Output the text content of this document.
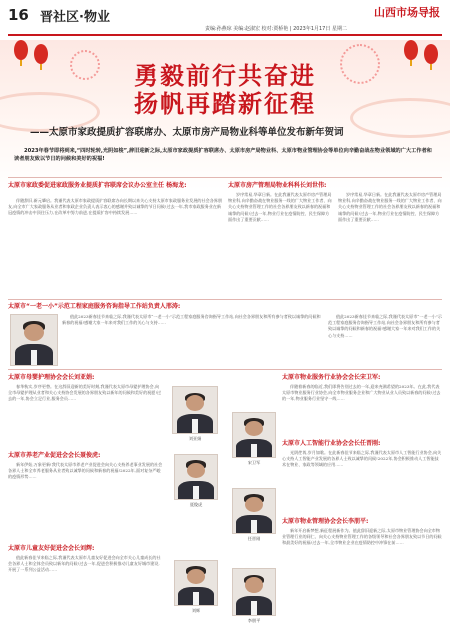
16 晋社区·物业	山西市场导报
责编:孙燕琼 美编:赵淑宏 校对:贾桥艳 | 2023年1月17日 星期二
勇毅前行共奋进
扬帆再踏新征程
——太原市家政提质扩容联席办、太原市房产局物业科等单位发布新年贺词
2023年春节即将到来,“四时轮转,光阴如梭”,辞旧迎新之际,太原市家政提质扩容联席办、太原市房产局物业科、太原市物业管理协会等单位向辛勤奋战在物业领域的广大工作者和读者朋友致以节日的问候和美好的祝福!
太原市家政委促进家政服务业提质扩容联席会议办公室主任 杨海龙:
伴随辞旧,新元肇启。我谨代表太原市家政提质扩容联席办向长期以来关心支持太原市家政服务业发展的社会各界朋友,向全市广大家政服务从业者和家政企业负责人表示衷心的感谢并致以诚挚的节日问候!过去一年,我市家政服务业在新冠疫情的冲击中顶住压力,在改革中努力前进,在提质扩容中持续发展……
太原市房产管理局物业科科长刘世伟:
岁序常易,华章日新。在此我谨代表太原市房产管理局物业科,向辛勤奋战在物业服务一线的广大物业工作者、向关心支持物业管理工作的社会各界朋友致以新春的祝福和诚挚的问候!过去一年,物业行业在疫情防控、民生保障方面作出了重要贡献……
岁序常易,华章日新。在此我谨代表太原市房产管理局物业科,向辛勤奋战在物业服务一线的广大物业工作者、向关心支持物业管理工作的社会各界朋友致以新春的祝福和诚挚的问候!过去一年,物业行业在疫情防控、民生保障方面作出了重要贡献……
太原市“一老一小”示范工程家庭服务咨询指导工作站负责人邢涛:
值此2023新春佳节来临之际,我谨代表太原市“一老一小”示范工程家庭服务咨询指导工作站,向社会各界朋友和所有参与者致以诚挚的问候和新春的祝福!感谢大家一年来对我们工作的关心与支持……
值此2023新春佳节来临之际,我谨代表太原市“一老一小”示范工程家庭服务咨询指导工作站,向社会各界朋友和所有参与者致以诚挚的问候和新春的祝福!感谢大家一年来对我们工作的关心与支持……
太原市母婴护理协会会长刘亚娟:
春华秋实,岁序更替。在这辞旧迎新的美好时刻,我谨代表太原市母婴护理协会,向全市母婴护理从业者和关心支持协会发展的各界朋友致以新年的问候和美好的祝愿!过去的一年,协会立足行业,服务会员……
太原市养老产业促进会会长聂俊虎:
新年伊始,万象更新!我代表太原市养老产业促进会向关心支持养老事业发展的社会各界人士和全市养老服务从业者致以诚挚的问候和新春的祝福!2022年,面对复杂严峻的疫情形势……
太原市儿童友好促进会会长刘辉:
值此新春佳节来临之际,我谨代表太原市儿童友好促进会向全市关心儿童成长的社会各界人士和全体会员致以新年的问候!过去一年,促进会积极推动儿童友好城市建设,开展了一系列公益活动……
刘亚娟
聂俊虎
刘辉
宋卫军
任晋刚
李朋平
太原市物业服务行业协会会长宋卫军:
伴随着新春的临近,我们即将告别过去的一年,迎来充满希望的2023年。在此,我代表太原市物业服务行业协会,向全市物业服务企业和广大物业从业人员致以新春的问候!过去的一年,物业服务行业坚守一线……
太原市人工智能行业协会会长任晋刚:
光阴荏苒,岁月如歌。在此新春佳节来临之际,我谨代表太原市人工智能行业协会,向关心支持人工智能产业发展的各界人士致以诚挚的问候!2022年,协会积极推动人工智能技术在物业、家政等领域的应用……
太原市物业管理协会会长李朋平:
新年开启新梦想,新征程展新作为。值此辞旧迎新之际,太原市物业管理协会向全市物业管理行业的同仁、向关心支持物业管理工作的各级领导和社会各界朋友致以节日的问候和最美好的祝福!过去一年,全市物业企业在疫情防控中冲锋在前……
